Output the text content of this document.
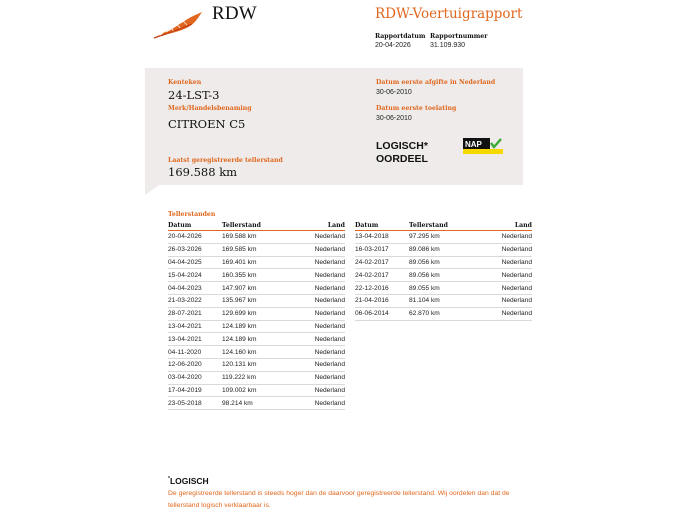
RDW	RDW-Voertuigrapport
Rapportdatum
20-04-2026
Rapportnummer
31.109.930
Kenteken
24-LST-3
Merk/Handelsbenaming
CITROEN C5
Laatst geregistreerde tellerstand
169.588 km
Datum eerste afgifte in Nederland
30-06-2010
Datum eerste toelating
30-06-2010
LOGISCH*
OORDEEL
NAP
Tellerstanden
Datum	Tellerstand	Land
20-04-2026	169.588 km	Nederland
26-03-2026	169.585 km	Nederland
04-04-2025	169.401 km	Nederland
15-04-2024	160.355 km	Nederland
04-04-2023	147.907 km	Nederland
21-03-2022	135.967 km	Nederland
28-07-2021	129.699 km	Nederland
13-04-2021	124.189 km	Nederland
13-04-2021	124.189 km	Nederland
04-11-2020	124.160 km	Nederland
12-06-2020	120.131 km	Nederland
03-04-2020	119.222 km	Nederland
17-04-2019	109.002 km	Nederland
23-05-2018	98.214 km	Nederland
Datum	Tellerstand	Land
13-04-2018	97.295 km	Nederland
16-03-2017	89.086 km	Nederland
24-02-2017	89.056 km	Nederland
24-02-2017	89.056 km	Nederland
22-12-2016	89.055 km	Nederland
21-04-2016	81.104 km	Nederland
06-06-2014	62.870 km	Nederland
*LOGISCH
De geregistreerde tellerstand is steeds hoger dan de daarvoor geregistreerde tellerstand. Wij oordelen dan dat de tellerstand logisch verklaarbaar is.
